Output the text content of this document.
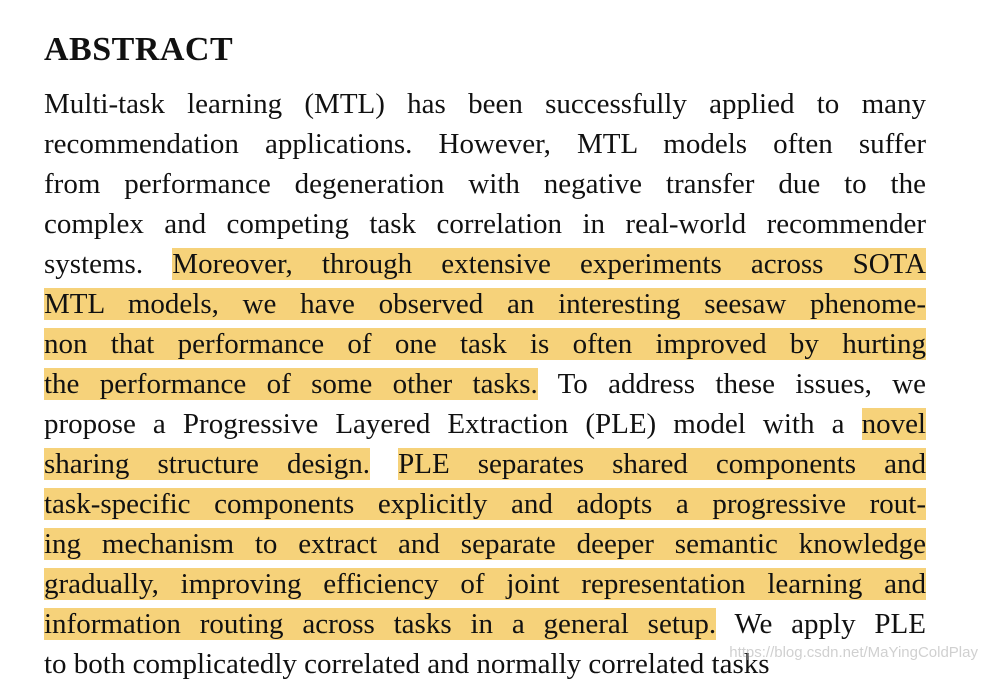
ABSTRACT
Multi-task learning (MTL) has been successfully applied to many
recommendation applications. However, MTL models often suffer
from performance degeneration with negative transfer due to the
complex and competing task correlation in real-world recommender
systems. Moreover, through extensive experiments across SOTA
MTL models, we have observed an interesting seesaw phenome-
non that performance of one task is often improved by hurting
the performance of some other tasks. To address these issues, we
propose a Progressive Layered Extraction (PLE) model with a novel
sharing structure design. PLE separates shared components and
task-specific components explicitly and adopts a progressive rout-
ing mechanism to extract and separate deeper semantic knowledge
gradually, improving efficiency of joint representation learning and
information routing across tasks in a general setup. We apply PLE
to both complicatedly correlated and normally correlated tasks
https://blog.csdn.net/MaYingColdPlay
